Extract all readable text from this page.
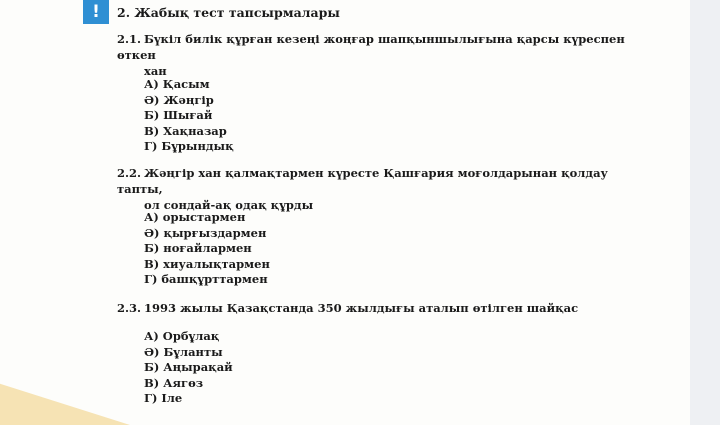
!	2. Жабық тест тапсырмалары
2.1. Бүкіл билік құрған кезеңі жоңғар шапқыншылығына қарсы күреспен өткен
хан
А) Қасым
Ә) Жәңгір
Б) Шығай
В) Хақназар
Г) Бұрындық
2.2. Жәңгір хан қалмақтармен күресте Қашғария моғолдарынан қолдау тапты,
ол сондай-ақ одақ құрды
А) орыстармен
Ә) қырғыздармен
Б) ноғайлармен
В) хиуалықтармен
Г) башқұрттармен
2.3. 1993 жылы Қазақстанда 350 жылдығы аталып өтілген шайқас
А) Орбұлақ
Ә) Бұланты
Б) Аңырақай
В) Аягөз
Г) Іле
